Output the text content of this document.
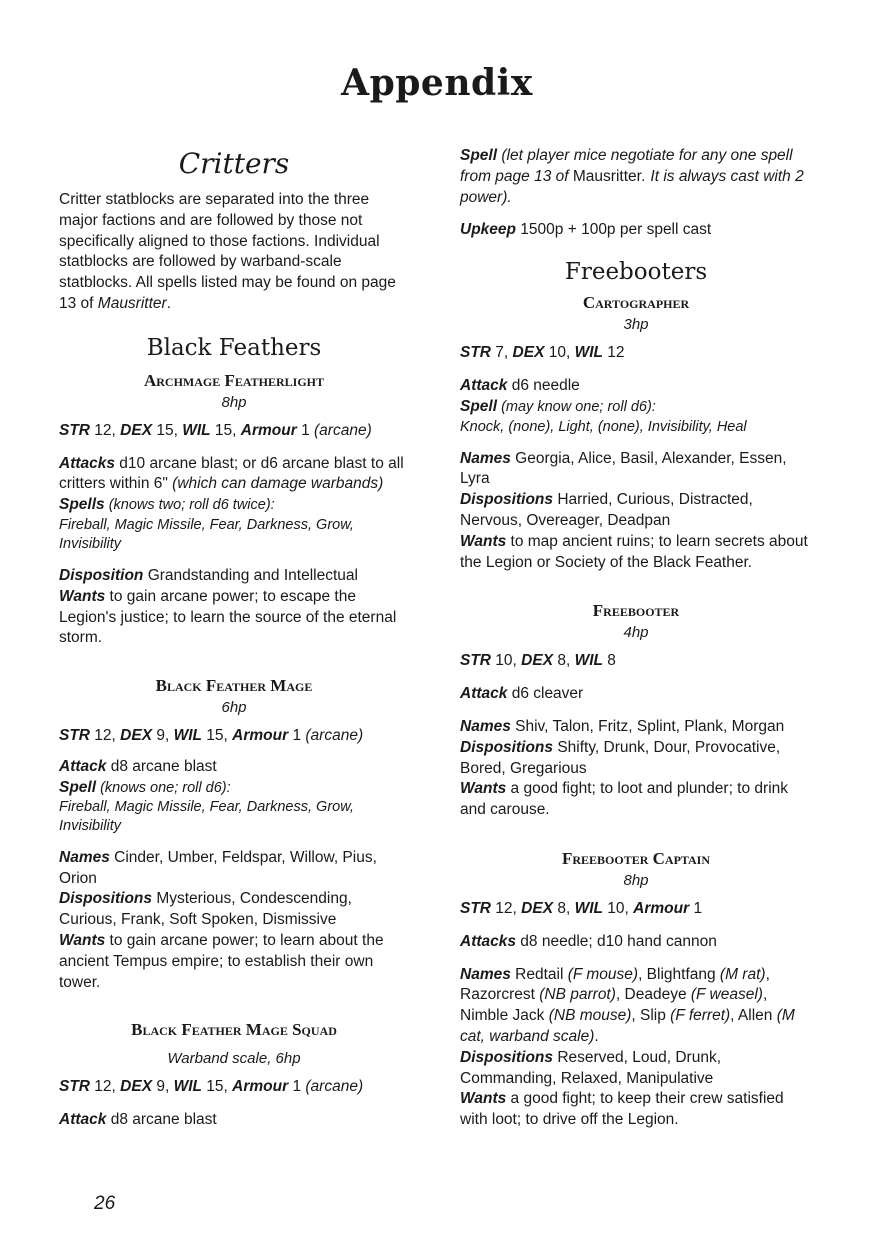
Appendix

Critters

Critter statblocks are separated into the three major factions and are followed by those not specifically aligned to those factions. Individual statblocks are followed by warband-scale statblocks. All spells listed may be found on page 13 of Mausritter.

Black Feathers

Archmage Featherlight

8hp

STR 12, DEX 15, WIL 15, Armour 1 (arcane)

Attacks d10 arcane blast; or d6 arcane blast to all critters within 6" (which can damage warbands)

Spells (knows two; roll d6 twice):
Fireball, Magic Missile, Fear, Darkness, Grow, Invisibility

Disposition Grandstanding and Intellectual

Wants to gain arcane power; to escape the Legion's justice; to learn the source of the eternal storm.

Black Feather Mage

6hp

STR 12, DEX 9, WIL 15, Armour 1 (arcane)

Attack d8 arcane blast

Spell (knows one; roll d6):
Fireball, Magic Missile, Fear, Darkness, Grow, Invisibility

Names Cinder, Umber, Feldspar, Willow, Pius, Orion

Dispositions Mysterious, Condescending, Curious, Frank, Soft Spoken, Dismissive

Wants to gain arcane power; to learn about the ancient Tempus empire; to establish their own tower.

Black Feather Mage Squad

Warband scale, 6hp

STR 12, DEX 9, WIL 15, Armour 1 (arcane)

Attack d8 arcane blast

Spell (let player mice negotiate for any one spell from page 13 of Mausritter. It is always cast with 2 power).

Upkeep 1500p + 100p per spell cast

Freebooters

Cartographer

3hp

STR 7, DEX 10, WIL 12

Attack d6 needle

Spell (may know one; roll d6):
Knock, (none), Light, (none), Invisibility, Heal

Names Georgia, Alice, Basil, Alexander, Essen, Lyra

Dispositions Harried, Curious, Distracted, Nervous, Overeager, Deadpan

Wants to map ancient ruins; to learn secrets about the Legion or Society of the Black Feather.

Freebooter

4hp

STR 10, DEX 8, WIL 8

Attack d6 cleaver

Names Shiv, Talon, Fritz, Splint, Plank, Morgan

Dispositions Shifty, Drunk, Dour, Provocative, Bored, Gregarious

Wants a good fight; to loot and plunder; to drink and carouse.

Freebooter Captain

8hp

STR 12, DEX 8, WIL 10, Armour 1

Attacks d8 needle; d10 hand cannon

Names Redtail (F mouse), Blightfang (M rat), Razorcrest (NB parrot), Deadeye (F weasel), Nimble Jack (NB mouse), Slip (F ferret), Allen (M cat, warband scale).

Dispositions Reserved, Loud, Drunk, Commanding, Relaxed, Manipulative

Wants a good fight; to keep their crew satisfied with loot; to drive off the Legion.

26
